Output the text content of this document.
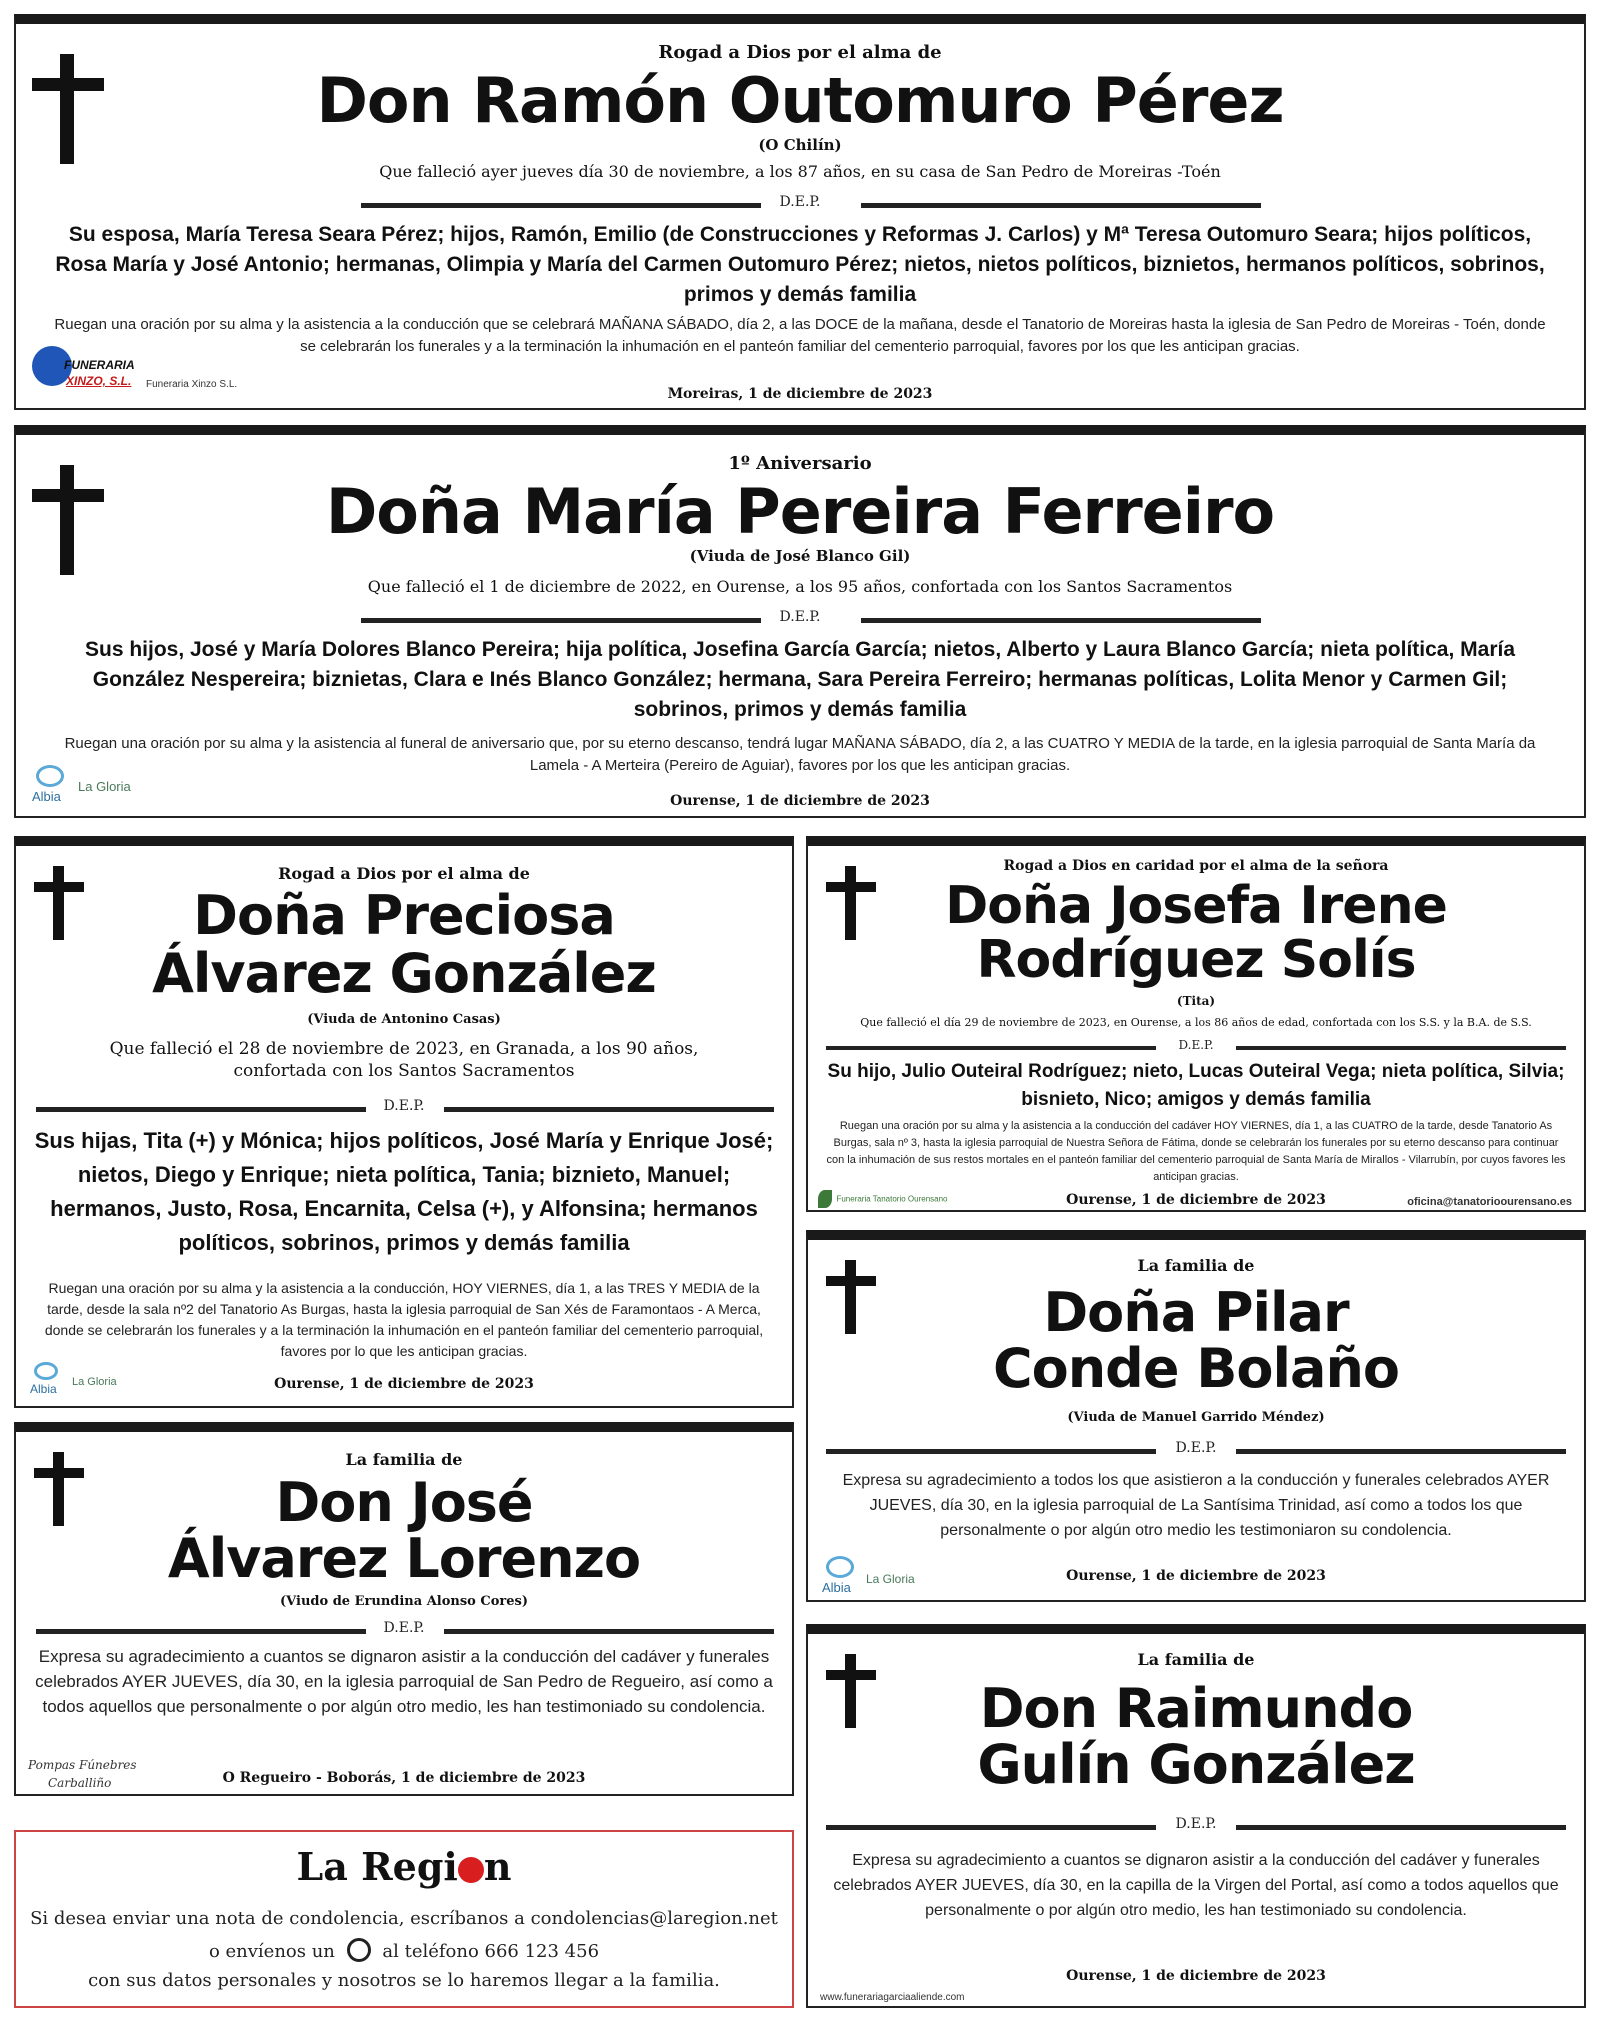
Rogad a Dios por el alma de
Don Ramón Outomuro Pérez
(O Chilín)
Que falleció ayer jueves día 30 de noviembre, a los 87 años, en su casa de San Pedro de Moreiras -Toén
D.E.P.
Su esposa, María Teresa Seara Pérez; hijos, Ramón, Emilio (de Construcciones y Reformas J. Carlos) y Mª Teresa Outomuro Seara; hijos políticos, Rosa María y José Antonio; hermanas, Olimpia y María del Carmen Outomuro Pérez; nietos, nietos políticos, biznietos, hermanos políticos, sobrinos, primos y demás familia
Ruegan una oración por su alma y la asistencia a la conducción que se celebrará MAÑANA SÁBADO, día 2, a las DOCE de la mañana, desde el Tanatorio de Moreiras hasta la iglesia de San Pedro de Moreiras - Toén, donde se celebrarán los funerales y a la terminación la inhumación en el panteón familiar del cementerio parroquial, favores por los que les anticipan gracias.
Moreiras, 1 de diciembre de 2023
FUNERARIA
XINZO, S.L. Funeraria Xinzo S.L.
1º Aniversario
Doña María Pereira Ferreiro
(Viuda de José Blanco Gil)
Que falleció el 1 de diciembre de 2022, en Ourense, a los 95 años, confortada con los Santos Sacramentos
D.E.P.
Sus hijos, José y María Dolores Blanco Pereira; hija política, Josefina García García; nietos, Alberto y Laura Blanco García; nieta política, María González Nespereira; biznietas, Clara e Inés Blanco González; hermana, Sara Pereira Ferreiro; hermanas políticas, Lolita Menor y Carmen Gil; sobrinos, primos y demás familia
Ruegan una oración por su alma y la asistencia al funeral de aniversario que, por su eterno descanso, tendrá lugar MAÑANA SÁBADO, día 2, a las CUATRO Y MEDIA de la tarde, en la iglesia parroquial de Santa María da Lamela - A Merteira (Pereiro de Aguiar), favores por los que les anticipan gracias.
Ourense, 1 de diciembre de 2023
Albia
La Gloria
Rogad a Dios por el alma de
Doña Preciosa
Álvarez González
(Viuda de Antonino Casas)
Que falleció el 28 de noviembre de 2023, en Granada, a los 90 años, confortada con los Santos Sacramentos
D.E.P.
Sus hijas, Tita (+) y Mónica; hijos políticos, José María y Enrique José; nietos, Diego y Enrique; nieta política, Tania; biznieto, Manuel; hermanos, Justo, Rosa, Encarnita, Celsa (+), y Alfonsina; hermanos políticos, sobrinos, primos y demás familia
Ruegan una oración por su alma y la asistencia a la conducción, HOY VIERNES, día 1, a las TRES Y MEDIA de la tarde, desde la sala nº2 del Tanatorio As Burgas, hasta la iglesia parroquial de San Xés de Faramontaos - A Merca, donde se celebrarán los funerales y a la terminación la inhumación en el panteón familiar del cementerio parroquial, favores por lo que les anticipan gracias.
Ourense, 1 de diciembre de 2023
Albia La Gloria
La familia de
Don José
Álvarez Lorenzo
(Viudo de Erundina Alonso Cores)
D.E.P.
Expresa su agradecimiento a cuantos se dignaron asistir a la conducción del cadáver y funerales celebrados AYER JUEVES, día 30, en la iglesia parroquial de San Pedro de Regueiro, así como a todos aquellos que personalmente o por algún otro medio, les han testimoniado su condolencia.
O Regueiro - Boborás, 1 de diciembre de 2023
Pompas Fúnebres
Carballiño
La Regi n
Si desea enviar una nota de condolencia, escríbanos a condolencias@laregion.net
o envíenos un	al teléfono 666 123 456
con sus datos personales y nosotros se lo haremos llegar a la familia.
Rogad a Dios en caridad por el alma de la señora
Doña Josefa Irene
Rodríguez Solís
(Tita)
Que falleció el día 29 de noviembre de 2023, en Ourense, a los 86 años de edad, confortada con los S.S. y la B.A. de S.S.
D.E.P.
Su hijo, Julio Outeiral Rodríguez; nieto, Lucas Outeiral Vega; nieta política, Silvia; bisnieto, Nico; amigos y demás familia
Ruegan una oración por su alma y la asistencia a la conducción del cadáver HOY VIERNES, día 1, a las CUATRO de la tarde, desde Tanatorio As Burgas, sala nº 3, hasta la iglesia parroquial de Nuestra Señora de Fátima, donde se celebrarán los funerales por su eterno descanso para continuar con la inhumación de sus restos mortales en el panteón familiar del cementerio parroquial de Santa María de Mirallos - Vilarrubín, por cuyos favores les anticipan gracias.
Ourense, 1 de diciembre de 2023	oficina@tanatorioourensano.es
Funeraria Tanatorio Ourensano
La familia de
Doña Pilar
Conde Bolaño
(Viuda de Manuel Garrido Méndez)
D.E.P.
Expresa su agradecimiento a todos los que asistieron a la conducción y funerales celebrados AYER JUEVES, día 30, en la iglesia parroquial de La Santísima Trinidad, así como a todos los que personalmente o por algún otro medio les testimoniaron su condolencia.
Ourense, 1 de diciembre de 2023
Albia
La Gloria
La familia de
Don Raimundo
Gulín González
D.E.P.
Expresa su agradecimiento a cuantos se dignaron asistir a la conducción del cadáver y funerales celebrados AYER JUEVES, día 30, en la capilla de la Virgen del Portal, así como a todos aquellos que personalmente o por algún otro medio, les han testimoniado su condolencia.
Ourense, 1 de diciembre de 2023
www.funerariagarciaaliende.com
